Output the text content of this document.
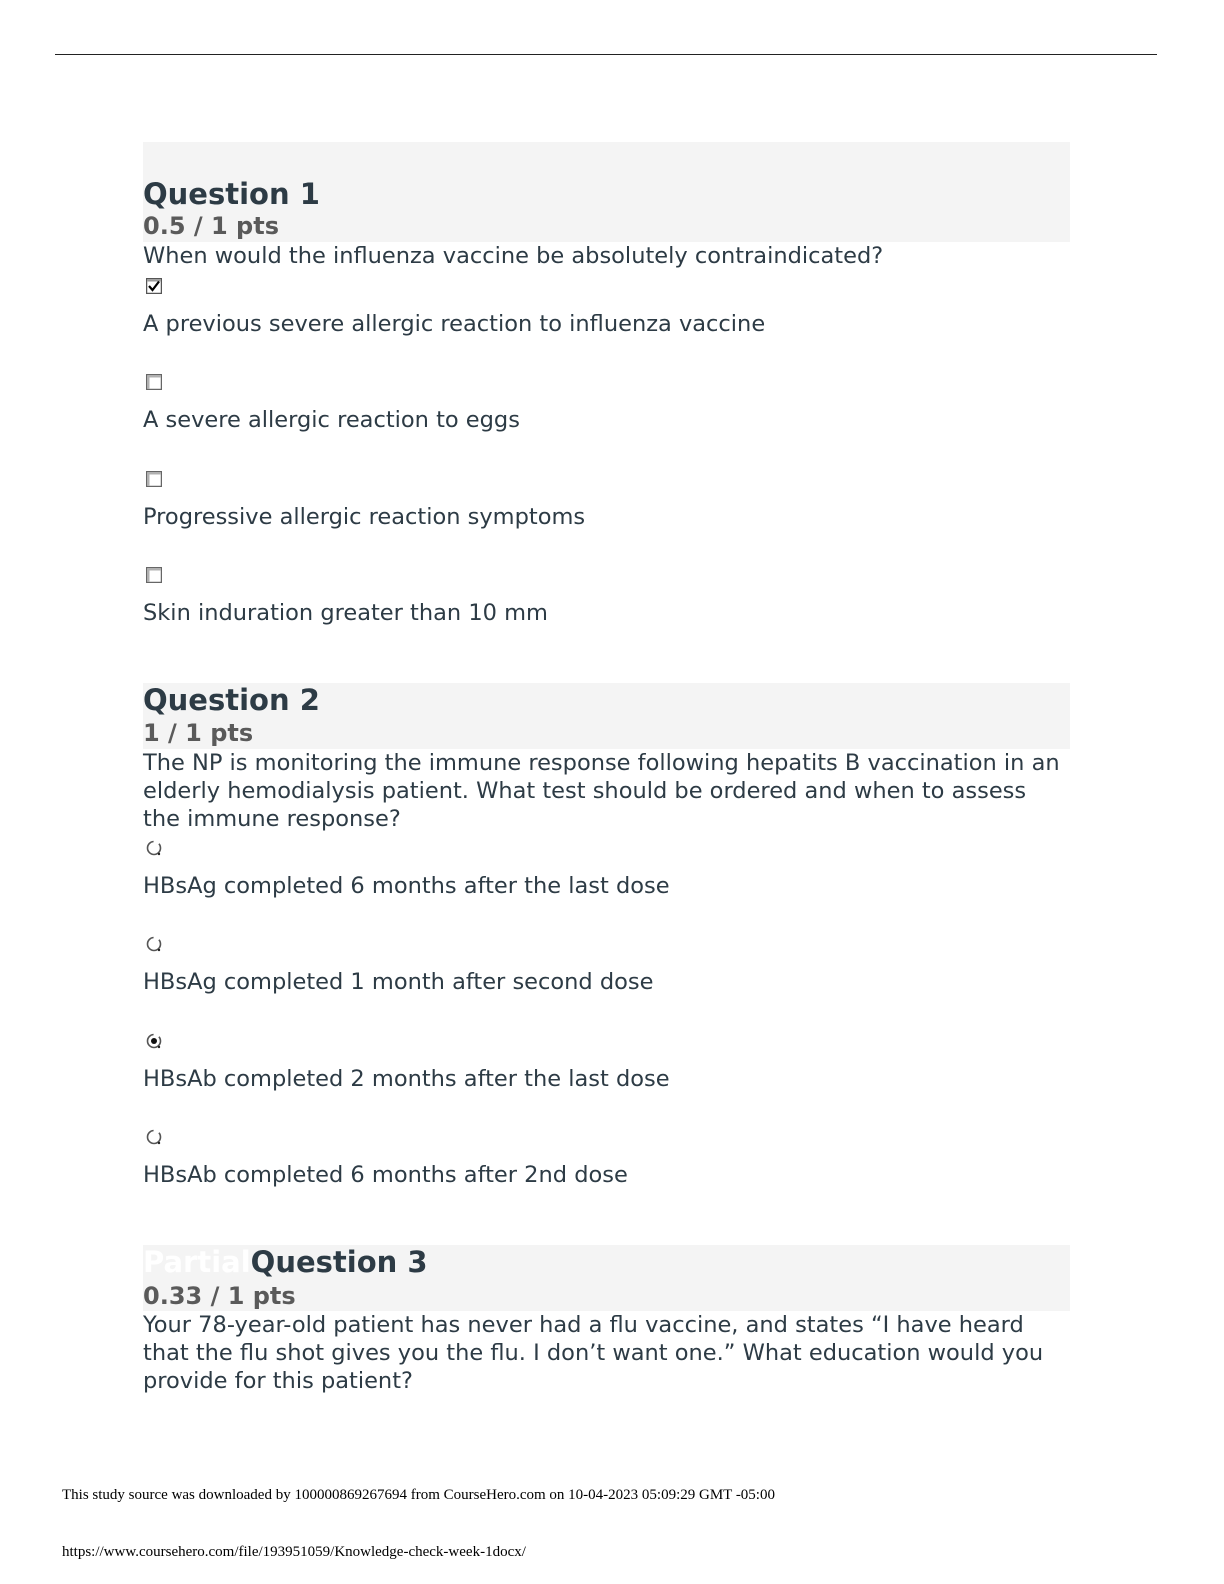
Question 1
0.5 / 1 pts
When would the influenza vaccine be absolutely contraindicated?
A previous severe allergic reaction to influenza vaccine
A severe allergic reaction to eggs
Progressive allergic reaction symptoms
Skin induration greater than 10 mm
Question 2
1 / 1 pts
The NP is monitoring the immune response following hepatits B vaccination in an elderly hemodialysis patient. What test should be ordered and when to assess the immune response?
HBsAg completed 6 months after the last dose
HBsAg completed 1 month after second dose
HBsAb completed 2 months after the last dose
HBsAb completed 6 months after 2nd dose
PartialQuestion 3
0.33 / 1 pts
Your 78-year-old patient has never had a flu vaccine, and states “I have heard that the flu shot gives you the flu. I don’t want one.” What education would you provide for this patient?
This study source was downloaded by 100000869267694 from CourseHero.com on 10-04-2023 05:09:29 GMT -05:00
https://www.coursehero.com/file/193951059/Knowledge-check-week-1docx/
